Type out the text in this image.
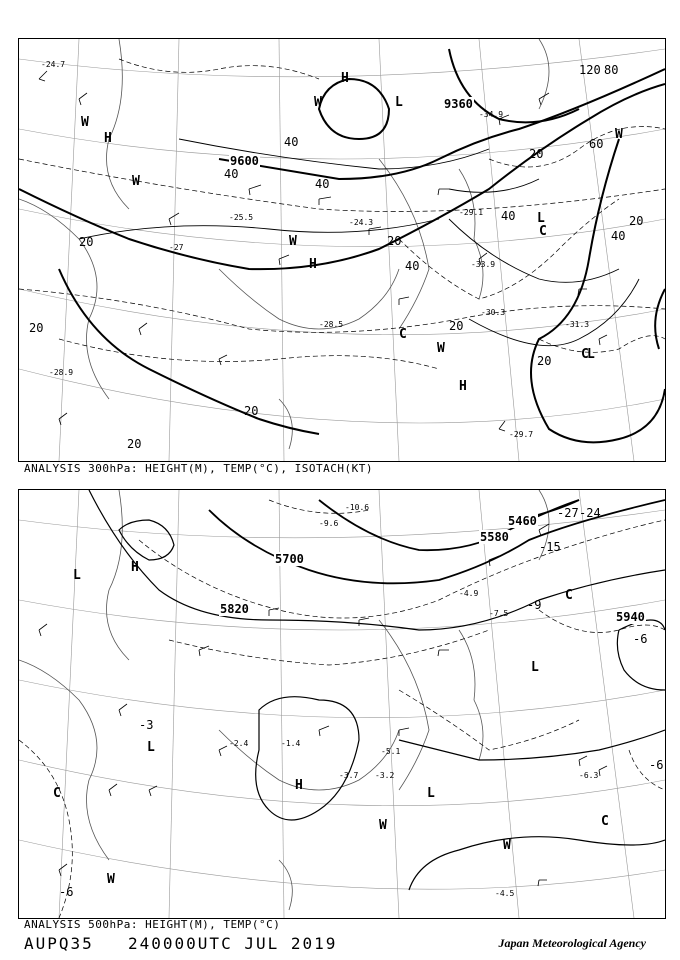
9600
9360
20
20
20
20
20
20
20
20
20
40
40
40
40
40
40
60
80
120
H
H
H
H
L
L
L
W
W
W
W
W
W
C
C
C
-24.7
-27
-28.9
-30.3
-29.7
-31.3
-33.9
-34.9
-29.1
-24.3
-25.5
-28.5
ANALYSIS 300hPa: HEIGHT(M), TEMP(°C), ISOTACH(KT)
5820
5700
5940
5460
5580
-3
-6
-6
-6
-9
-24
-27
-15
H
H
L
L
L
L
W
W
W
C
C
C
-5.1
-6.3
-4.5
-3.7 -3.2
-9.6
-10.6
-2.4	-1.4
-4.9
-7.5
ANALYSIS 500hPa: HEIGHT(M), TEMP(°C)
AUPQ35 240000UTC JUL 2019	Japan Meteorological Agency
